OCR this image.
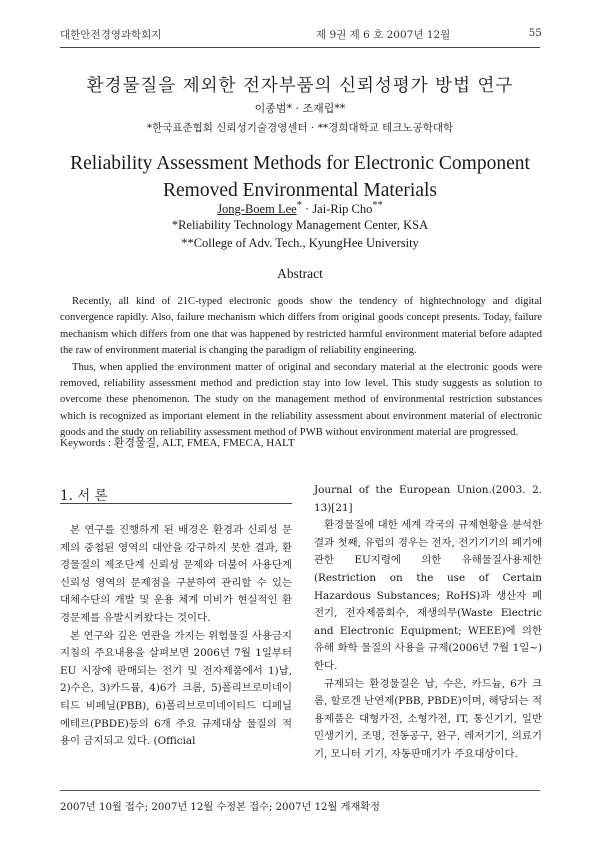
대한안전경영과학회지	제 9권 제 6 호 2007년 12월	55
환경물질을 제외한 전자부품의 신뢰성평가 방법 연구
이종범* · 조재립**
*한국표준협회 신뢰성기술경영센터 · **경희대학교 테크노공학대학
Reliability Assessment Methods for Electronic Component
Removed Environmental Materials
Jong-Boem Lee* · Jai-Rip Cho**
*Reliability Technology Management Center, KSA
**College of Adv. Tech., KyungHee University
Abstract

Recently, all kind of 21C-typed electronic goods show the tendency of hightechnology and digital convergence rapidly. Also, failure mechanism which differs from original goods concept presents. Today, failure mechanism which differs from one that was happened by restricted harmful environment material before adapted the raw of environment material is changing the paradigm of reliability engineering.

Thus, when applied the environment matter of original and secondary material at the electronic goods were removed, reliability assessment method and prediction stay into low level. This study suggests as solution to overcome these phenomenon. The study on the management method of environmental restriction substances which is recognized as important element in the reliability assessment about environment material of electronic goods and the study on reliability assessment method of PWB without environment material are progressed.

Keywords : 환경물질, ALT, FMEA, FMECA, HALT
1. 서 론

본 연구를 진행하게 된 배경은 환경과 신뢰성 문제의 중첩된 영역의 대안을 강구하지 못한 결과, 환경물질의 제조단계 신뢰성 문제와 더불어 사용단계 신뢰성 영역의 문제점을 구분하여 관리할 수 있는 대체수단의 개발 및 운용 체계 미비가 현실적인 환경문제를 유발시켜왔다는 것이다.

본 연구와 깊은 연관을 가지는 위험물질 사용금지 지침의 주요내용을 살펴보면 2006년 7월 1일부터 EU 시장에 판매되는 전기 및 전자제품에서 1)납, 2)수은, 3)카드뮴, 4)6가 크롬, 5)폴리브로미네이티드 비페닐(PBB), 6)폴리브로미네이티드 디페닐 에테르(PBDE)등의 6개 주요 규제대상 물질의 적용이 금지되고 있다. (Official

Journal of the European Union.(2003. 2. 13)[21]

환경물질에 대한 세계 각국의 규제현황을 분석한 결과 첫째, 유럽의 경우는 전자, 전기기기의 폐기에 관한 EU지령에 의한 유해물질사용제한(Restriction on the use of Certain Hazardous Substances; RoHS)과 생산자 폐전기, 전자제품회수, 재생의무(Waste Electric and Electronic Equipment; WEEE)에 의한 유해 화학 물질의 사용을 규제(2006년 7월 1일~)한다.

규제되는 환경물질은 납, 수은, 카드늄, 6가 크롬, 할로겐 난연제(PBB, PBDE)이며, 해당되는 적용제품은 대형가전, 소형가전, IT, 통신기기, 일반 민생기기, 조명, 전동공구, 완구, 레저기기, 의료기기, 모니터 기기, 자동판매기가 주요대상이다.

2007년 10월 접수; 2007년 12월 수정본 접수; 2007년 12월 게재확정
